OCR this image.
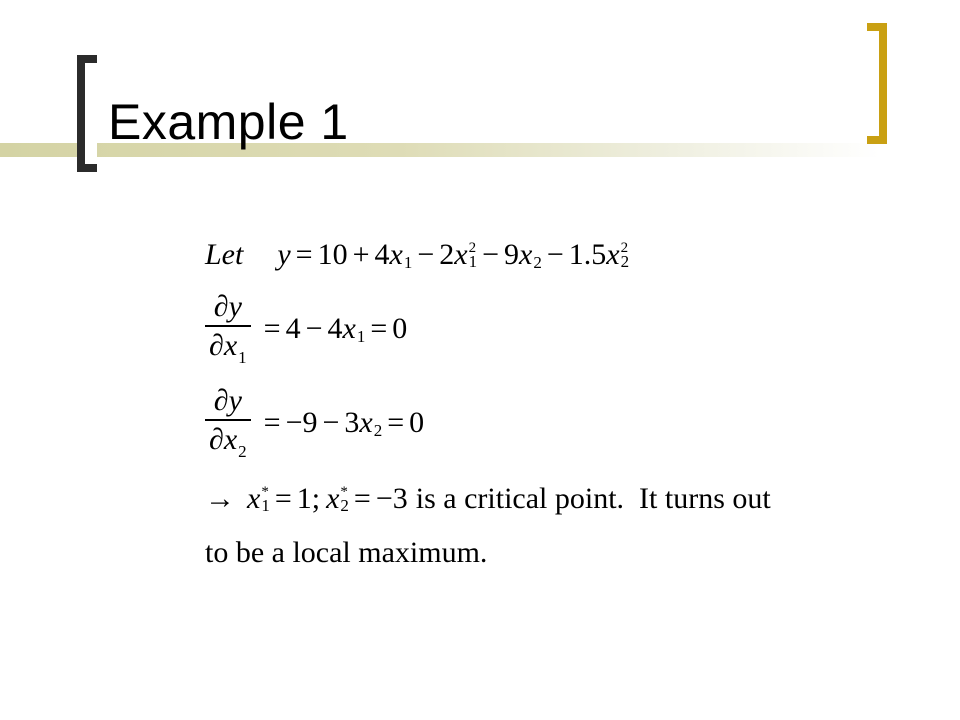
Example 1
Let y = 10 + 4 x 1 − 2 x 2
1 − 9 x 2 − 1.5 x 2
2
$\frac{\partial y}{\partial x_1} = 4 - 4$ x 1 = 0
$\frac{\partial y}{\partial x_2} = -9 - 3$ x 2 = 0
→ x *
1 = 1; x *
2 = −3 is a critical point.  It turns out
to be a local maximum.
